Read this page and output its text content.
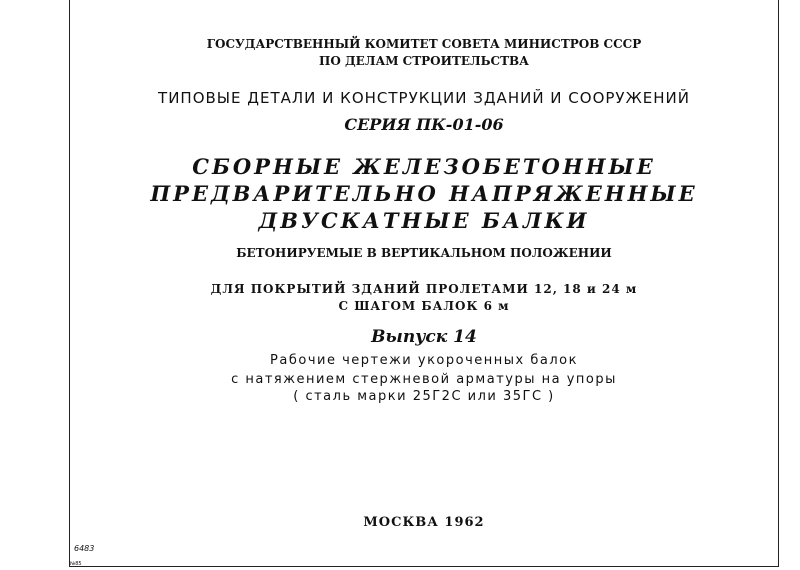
ГОСУДАРСТВЕННЫЙ КОМИТЕТ СОВЕТА МИНИСТРОВ СССР
ПО ДЕЛАМ СТРОИТЕЛЬСТВА
ТИПОВЫЕ ДЕТАЛИ И КОНСТРУКЦИИ ЗДАНИЙ И СООРУЖЕНИЙ
СЕРИЯ ПК-01-06
СБОРНЫЕ ЖЕЛЕЗОБЕТОННЫЕ
ПРЕДВАРИТЕЛЬНО НАПРЯЖЕННЫЕ
ДВУСКАТНЫЕ БАЛКИ
БЕТОНИРУЕМЫЕ В ВЕРТИКАЛЬНОМ ПОЛОЖЕНИИ
ДЛЯ ПОКРЫТИЙ ЗДАНИЙ ПРОЛЕТАМИ 12, 18 и 24 м
С ШАГОМ БАЛОК 6 м
Выпуск 14
Рабочие чертежи укороченных балок
с натяжением стержневой арматуры на упоры
( сталь марки 25Г2С или 35ГС )
МОСКВА 1962
6483
№85
